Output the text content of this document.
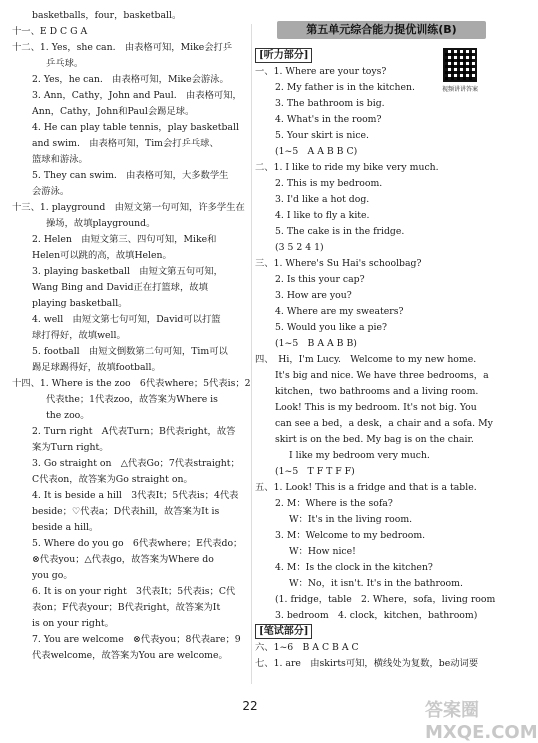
basketballs，four，basketball。
十一、E D C G A
十二、1. Yes，she can.　由表格可知，Mike会打乒
乒乓球。
2. Yes，he can.　由表格可知，Mike会游泳。
3. Ann，Cathy，John and Paul.　由表格可知，
Ann，Cathy，John和Paul会踢足球。
4. He can play table tennis，play basketball
and swim.　由表格可知，Tim会打乒乓球、
篮球和游泳。
5. They can swim.　由表格可知，大多数学生
会游泳。
十三、1. playground　由短文第一句可知，许多学生在
操场，故填playground。
2. Helen　由短文第三、四句可知，Mike和
Helen可以跳的高，故填Helen。
3. playing basketball　由短文第五句可知，
Wang Bing and David正在打篮球，故填
playing basketball。
4. well　由短文第七句可知，David可以打篮
球打得好，故填well。
5. football　由短文倒数第二句可知，Tim可以
踢足球踢得好，故填football。
十四、1. Where is the zoo　6代表where；5代表is；2
代表the；1代表zoo，故答案为Where is
the zoo。
2. Turn right　A代表Turn；B代表right，故答
案为Turn right。
3. Go straight on　△代表Go；7代表straight；
C代表on，故答案为Go straight on。
4. It is beside a hill　3代表It；5代表is；4代表
beside；♡代表a；D代表hill，故答案为It is
beside a hill。
5. Where do you go　6代表where；E代表do；
⊗代表you；△代表go，故答案为Where do
you go。
6. It is on your right　3代表It；5代表is；C代
表on；F代表your；B代表right，故答案为It
is on your right。
7. You are welcome　⊗代表you；8代表are；9
代表welcome，故答案为You are welcome。
第五单元综合能力提优训练(B)
视频讲讲答案
[听力部分]
一、1. Where are your toys?
2. My father is in the kitchen.
3. The bathroom is big.
4. What's in the room?
5. Your skirt is nice.
(1~5　A A B B C)
二、1. I like to ride my bike very much.
2. This is my bedroom.
3. I'd like a hot dog.
4. I like to fly a kite.
5. The cake is in the fridge.
(3 5 2 4 1)
三、1. Where's Su Hai's schoolbag?
2. Is this your cap?
3. How are you?
4. Where are my sweaters?
5. Would you like a pie?
(1~5　B A A B B)
四、　Hi，I'm Lucy.　Welcome to my new home.
It's big and nice. We have three bedrooms，a
kitchen，two bathrooms and a living room.
Look! This is my bedroom. It's not big. You
can see a bed，a desk，a chair and a sofa. My
skirt is on the bed. My bag is on the chair.
I like my bedroom very much.
(1~5　T F T F F)
五、1. Look! This is a fridge and that is a table.
2. M：Where is the sofa?
W：It's in the living room.
3. M：Welcome to my bedroom.
W：How nice!
4. M：Is the clock in the kitchen?
W：No，it isn't. It's in the bathroom.
(1. fridge，table　2. Where，sofa，living room
3. bedroom　4. clock，kitchen，bathroom)
[笔试部分]
六、1~6　B A C B A C
七、1. are　由skirts可知，横线处为复数，be动词要
22	答案圈 MXQE.COM
